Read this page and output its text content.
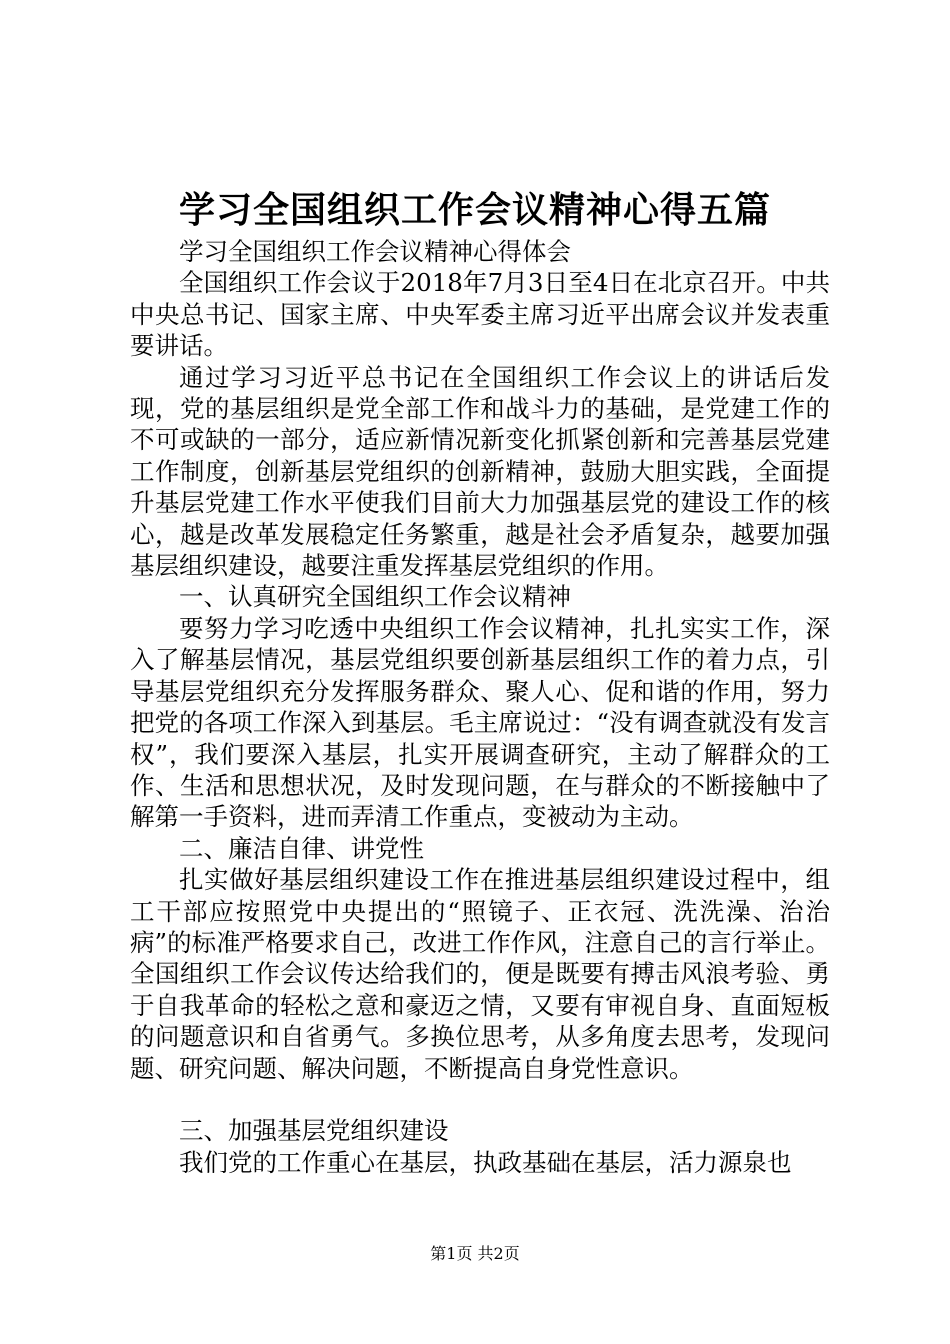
学习全国组织工作会议精神心得五篇

学习全国组织工作会议精神心得体会

全国组织工作会议于2018年7月3日至4日在北京召开。中共中央总书记、国家主席、中央军委主席习近平出席会议并发表重要讲话。

通过学习习近平总书记在全国组织工作会议上的讲话后发现，党的基层组织是党全部工作和战斗力的基础，是党建工作的不可或缺的一部分，适应新情况新变化抓紧创新和完善基层党建工作制度，创新基层党组织的创新精神，鼓励大胆实践，全面提升基层党建工作水平使我们目前大力加强基层党的建设工作的核心，越是改革发展稳定任务繁重，越是社会矛盾复杂，越要加强基层组织建设，越要注重发挥基层党组织的作用。

一、认真研究全国组织工作会议精神

要努力学习吃透中央组织工作会议精神，扎扎实实工作，深入了解基层情况，基层党组织要创新基层组织工作的着力点，引导基层党组织充分发挥服务群众、聚人心、促和谐的作用，努力把党的各项工作深入到基层。毛主席说过：“没有调查就没有发言权”，我们要深入基层，扎实开展调查研究，主动了解群众的工作、生活和思想状况，及时发现问题，在与群众的不断接触中了解第一手资料，进而弄清工作重点，变被动为主动。

二、廉洁自律、讲党性

扎实做好基层组织建设工作在推进基层组织建设过程中，组工干部应按照党中央提出的“照镜子、正衣冠、洗洗澡、治治病”的标准严格要求自己，改进工作作风，注意自己的言行举止。全国组织工作会议传达给我们的，便是既要有搏击风浪考验、勇于自我革命的轻松之意和豪迈之情，又要有审视自身、直面短板的问题意识和自省勇气。多换位思考，从多角度去思考，发现问题、研究问题、解决问题，不断提高自身党性意识。

三、加强基层党组织建设

我们党的工作重心在基层，执政基础在基层，活力源泉也

第1页 共2页
